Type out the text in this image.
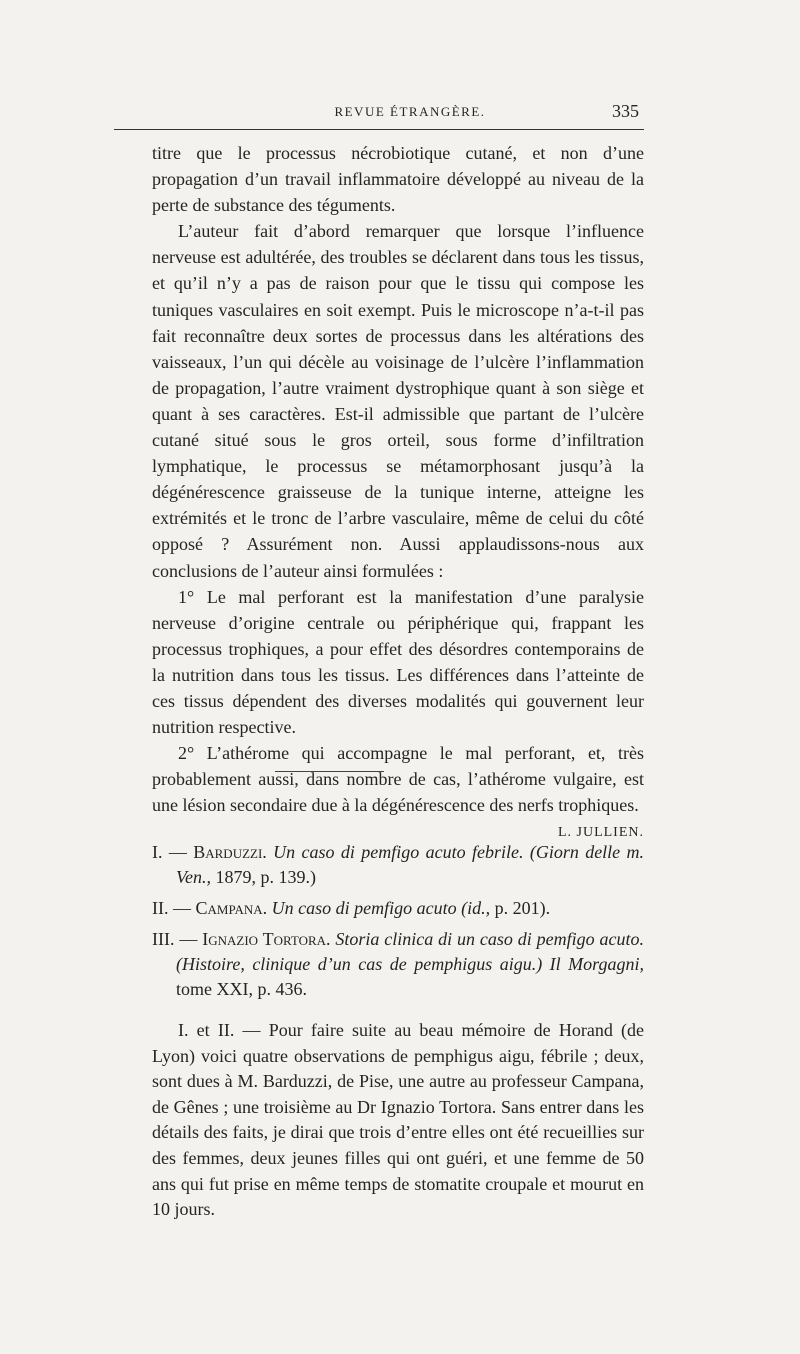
REVUE ÉTRANGÈRE.	335

titre que le processus nécrobiotique cutané, et non d’une propagation d’un travail inflammatoire développé au niveau de la perte de substance des téguments.

L’auteur fait d’abord remarquer que lorsque l’influence nerveuse est adultérée, des troubles se déclarent dans tous les tissus, et qu’il n’y a pas de raison pour que le tissu qui compose les tuniques vasculaires en soit exempt. Puis le microscope n’a-t-il pas fait reconnaître deux sortes de processus dans les altérations des vaisseaux, l’un qui décèle au voisinage de l’ulcère l’inflammation de propagation, l’autre vraiment dystrophique quant à son siège et quant à ses caractères. Est-il admissible que partant de l’ulcère cutané situé sous le gros orteil, sous forme d’infiltration lymphatique, le processus se métamorphosant jusqu’à la dégénérescence graisseuse de la tunique interne, atteigne les extrémités et le tronc de l’arbre vasculaire, même de celui du côté opposé ? Assurément non. Aussi applaudissons-nous aux conclusions de l’auteur ainsi formulées :

1° Le mal perforant est la manifestation d’une paralysie nerveuse d’origine centrale ou périphérique qui, frappant les processus trophiques, a pour effet des désordres contemporains de la nutrition dans tous les tissus. Les différences dans l’atteinte de ces tissus dépendent des diverses modalités qui gouvernent leur nutrition respective.

2° L’athérome qui accompagne le mal perforant, et, très probablement aussi, dans nombre de cas, l’athérome vulgaire, est une lésion secondaire due à la dégénérescence des nerfs trophiques.
L. JULLIEN.

I. — Barduzzi. Un caso di pemfigo acuto febrile. (Giorn delle m. Ven., 1879, p. 139.)

II. — Campana. Un caso di pemfigo acuto (id., p. 201).

III. — Ignazio Tortora. Storia clinica di un caso di pemfigo acuto. (Histoire, clinique d’un cas de pemphigus aigu.) Il Morgagni, tome XXI, p. 436.

I. et II. — Pour faire suite au beau mémoire de Horand (de Lyon) voici quatre observations de pemphigus aigu, fébrile ; deux, sont dues à M. Barduzzi, de Pise, une autre au professeur Campana, de Gênes ; une troisième au Dr Ignazio Tortora. Sans entrer dans les détails des faits, je dirai que trois d’entre elles ont été recueillies sur des femmes, deux jeunes filles qui ont guéri, et une femme de 50 ans qui fut prise en même temps de stomatite croupale et mourut en 10 jours.
